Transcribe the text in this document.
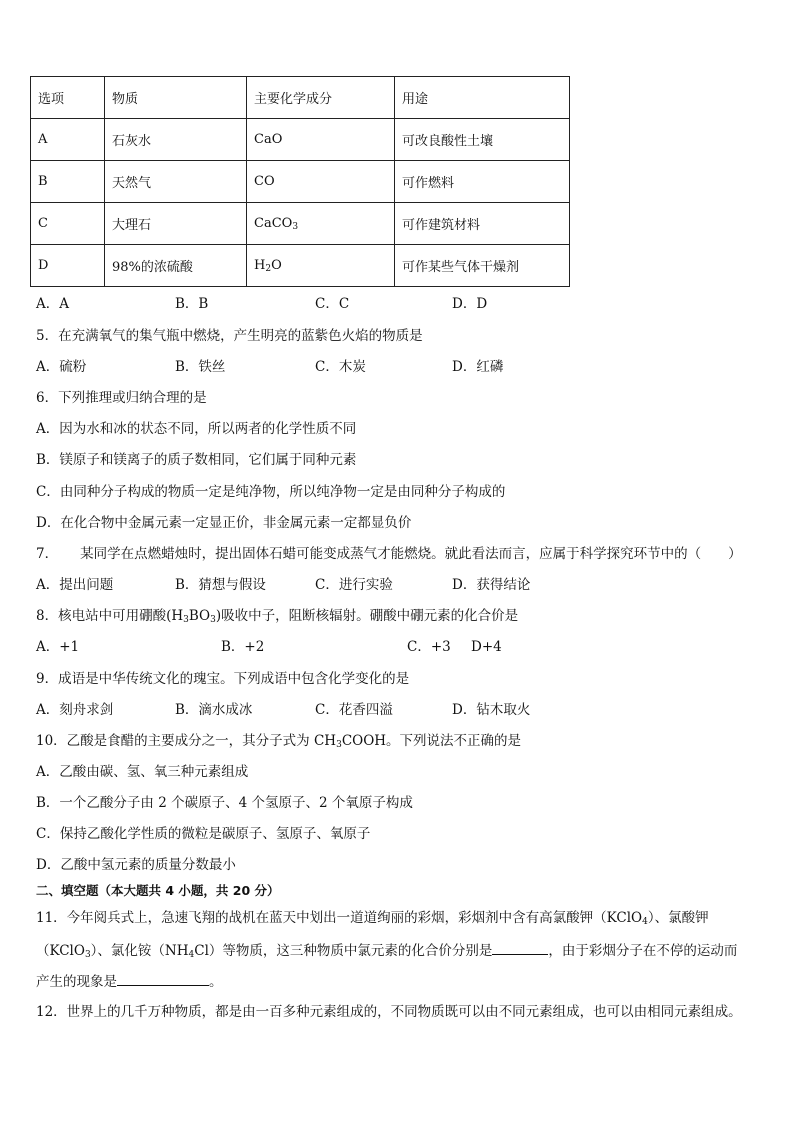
选项	物质	主要化学成分	用途
A	石灰水	CaO	可改良酸性土壤
B	天然气	CO	可作燃料
C	大理石	CaCO$_3$	可作建筑材料
D	98%的浓硫酸	$H_2O$	可作某些气体干燥剂
A．A	B．B	C．C	D．D
5．在充满氧气的集气瓶中燃烧，产生明亮的蓝紫色火焰的物质是
A．硫粉	B．铁丝	C．木炭	D．红磷
6．下列推理或归纳合理的是
A．因为水和冰的状态不同，所以两者的化学性质不同
B．镁原子和镁离子的质子数相同，它们属于同种元素
C．由同种分子构成的物质一定是纯净物，所以纯净物一定是由同种分子构成的
D．在化合物中金属元素一定显正价，非金属元素一定都显负价
7． 某同学在点燃蜡烛时，提出固体石蜡可能变成蒸气才能燃烧。就此看法而言，应属于科学探究环节中的（　　）
A．提出问题	B．猜想与假设	C．进行实验	D．获得结论
8．核电站中可用硼酸$(H_3BO_3)$吸收中子，阻断核辐射。硼酸中硼元素的化合价是
A．+1	B．+2	C．+3 D+4
9．成语是中华传统文化的瑰宝。下列成语中包含化学变化的是
A．刻舟求剑	B．滴水成冰	C．花香四溢	D．钻木取火
10．乙酸是食醋的主要成分之一，其分子式为 $CH_3COOH$。下列说法不正确的是
A．乙酸由碳、氢、氧三种元素组成
B．一个乙酸分子由 2 个碳原子、4 个氢原子、2 个氧原子构成
C．保持乙酸化学性质的微粒是碳原子、氢原子、氧原子
D．乙酸中氢元素的质量分数最小
二、填空题（本大题共 4 小题，共 20 分）
11．今年阅兵式上，急速飞翔的战机在蓝天中划出一道道绚丽的彩烟，彩烟剂中含有高氯酸钾（KClO$_4$）、氯酸钾
（KClO$_3$）、氯化铵$(NH_4Cl)$等物质，这三种物质中氯元素的化合价分别是	，由于彩烟分子在不停的运动而
产生的现象是	。
12．世界上的几千万种物质，都是由一百多种元素组成的，不同物质既可以由不同元素组成，也可以由相同元素组成。
